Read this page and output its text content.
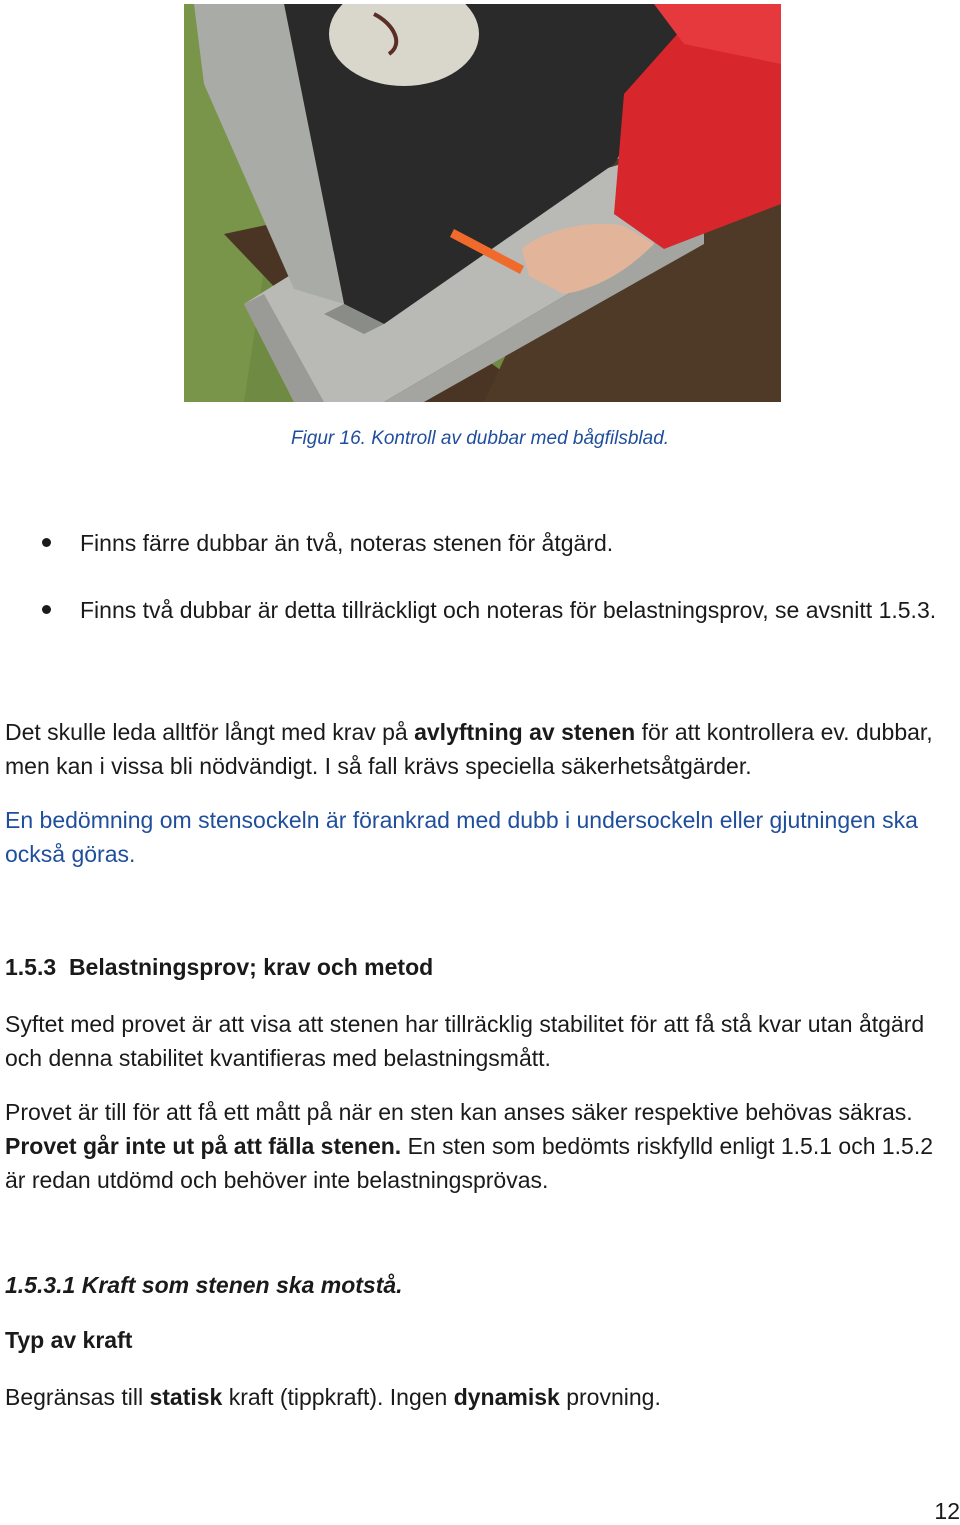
Figur 16. Kontroll av dubbar med bågfilsblad.
Finns färre dubbar än två, noteras stenen för åtgärd.
Finns två dubbar är detta tillräckligt och noteras för belastningsprov, se avsnitt 1.5.3.

Det skulle leda alltför långt med krav på avlyftning av stenen för att kontrollera ev. dubbar, men kan i vissa bli nödvändigt. I så fall krävs speciella säkerhetsåtgärder.

En bedömning om stensockeln är förankrad med dubb i undersockeln eller gjutningen ska också göras.

1.5.3 Belastningsprov; krav och metod

Syftet med provet är att visa att stenen har tillräcklig stabilitet för att få stå kvar utan åtgärd och denna stabilitet kvantifieras med belastningsmått.

Provet är till för att få ett mått på när en sten kan anses säker respektive behövas säkras. Provet går inte ut på att fälla stenen. En sten som bedömts riskfylld enligt 1.5.1 och 1.5.2 är redan utdömd och behöver inte belastningsprövas.

1.5.3.1 Kraft som stenen ska motstå.
Typ av kraft

Begränsas till statisk kraft (tippkraft). Ingen dynamisk provning.

12
